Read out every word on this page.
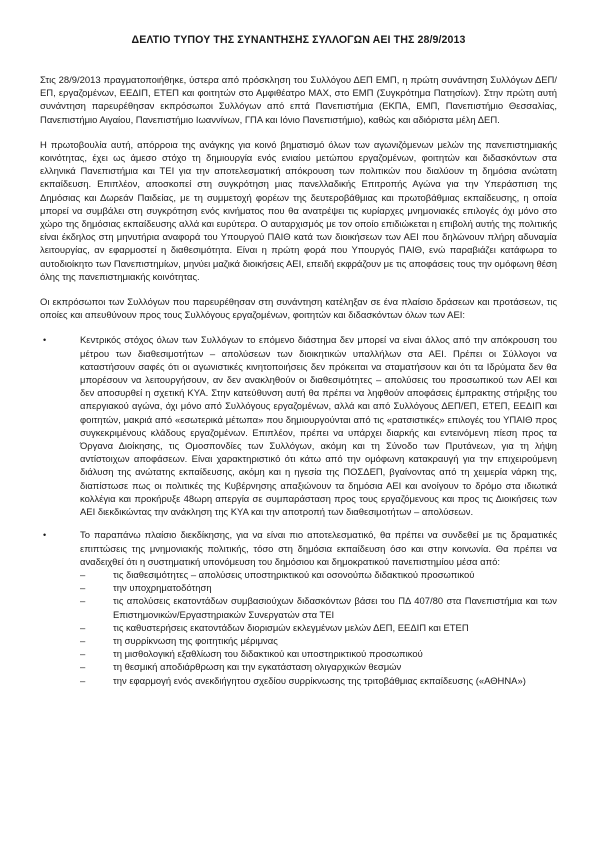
ΔΕΛΤΙΟ ΤΥΠΟΥ ΤΗΣ ΣΥΝΑΝΤΗΣΗΣ ΣΥΛΛΟΓΩΝ ΑΕΙ ΤΗΣ 28/9/2013

Στις 28/9/2013 πραγματοποιήθηκε, ύστερα από πρόσκληση του Συλλόγου ΔΕΠ ΕΜΠ, η πρώτη συνάντηση Συλλόγων ΔΕΠ/ΕΠ, εργαζομένων, ΕΕΔΙΠ, ΕΤΕΠ και φοιτητών στο Αμφιθέατρο ΜΑΧ, στο ΕΜΠ (Συγκρότημα Πατησίων). Στην πρώτη αυτή συνάντηση παρευρέθησαν εκπρόσωποι Συλλόγων από επτά Πανεπιστήμια (ΕΚΠΑ, ΕΜΠ, Πανεπιστήμιο Θεσσαλίας, Πανεπιστήμιο Αιγαίου, Πανεπιστήμιο Ιωαννίνων, ΓΠΑ και Ιόνιο Πανεπιστήμιο), καθώς και αδιόριστα μέλη ΔΕΠ.

Η πρωτοβουλία αυτή, απόρροια της ανάγκης για κοινό βηματισμό όλων των αγωνιζόμενων μελών της πανεπιστημιακής κοινότητας, έχει ως άμεσο στόχο τη δημιουργία ενός ενιαίου μετώπου εργαζομένων, φοιτητών και διδασκόντων στα ελληνικά Πανεπιστήμια και ΤΕΙ για την αποτελεσματική απόκρουση των πολιτικών που διαλύουν τη δημόσια ανώτατη εκπαίδευση. Επιπλέον, αποσκοπεί στη συγκρότηση μιας πανελλαδικής Επιτροπής Αγώνα για την Υπεράσπιση της Δημόσιας και Δωρεάν Παιδείας, με τη συμμετοχή φορέων της δευτεροβάθμιας και πρωτοβάθμιας εκπαίδευσης, η οποία μπορεί να συμβάλει στη συγκρότηση ενός κινήματος που θα ανατρέψει τις κυρίαρχες μνημονιακές επιλογές όχι μόνο στο χώρο της δημόσιας εκπαίδευσης αλλά και ευρύτερα. Ο αυταρχισμός με τον οποίο επιδιώκεται η επιβολή αυτής της πολιτικής είναι έκδηλος στη μηνυτήρια αναφορά του Υπουργού ΠΑΙΘ κατά των διοικήσεων των ΑΕΙ που δηλώνουν πλήρη αδυναμία λειτουργίας, αν εφαρμοστεί η διαθεσιμότητα. Είναι η πρώτη φορά που Υπουργός ΠΑΙΘ, ενώ παραβιάζει κατάφωρα το αυτοδιοίκητο των Πανεπιστημίων, μηνύει μαζικά διοικήσεις ΑΕΙ, επειδή εκφράζουν με τις αποφάσεις τους την ομόφωνη θέση όλης της πανεπιστημιακής κοινότητας.

Οι εκπρόσωποι των Συλλόγων που παρευρέθησαν στη συνάντηση κατέληξαν σε ένα πλαίσιο δράσεων και προτάσεων, τις οποίες και απευθύνουν προς τους Συλλόγους εργαζομένων, φοιτητών και διδασκόντων όλων των ΑΕΙ:

•	Κεντρικός στόχος όλων των Συλλόγων το επόμενο διάστημα δεν μπορεί να είναι άλλος από την απόκρουση του μέτρου των διαθεσιμοτήτων – απολύσεων των διοικητικών υπαλλήλων στα ΑΕΙ. Πρέπει οι Σύλλογοι να καταστήσουν σαφές ότι οι αγωνιστικές κινητοποιήσεις δεν πρόκειται να σταματήσουν και ότι τα Ιδρύματα δεν θα μπορέσουν να λειτουργήσουν, αν δεν ανακληθούν οι διαθεσιμότητες – απολύσεις του προσωπικού των ΑΕΙ και δεν αποσυρθεί η σχετική ΚΥΑ. Στην κατεύθυνση αυτή θα πρέπει να ληφθούν αποφάσεις έμπρακτης στήριξης του απεργιακού αγώνα, όχι μόνο από Συλλόγους εργαζομένων, αλλά και από Συλλόγους ΔΕΠ/ΕΠ, ΕΤΕΠ, ΕΕΔΙΠ και φοιτητών, μακριά από «εσωτερικά μέτωπα» που δημιουργούνται από τις «ρατσιστικές» επιλογές του ΥΠΑΙΘ προς συγκεκριμένους κλάδους εργαζομένων. Επιπλέον, πρέπει να υπάρχει διαρκής και εντεινόμενη πίεση προς τα Όργανα Διοίκησης, τις Ομοσπονδίες των Συλλόγων, ακόμη και τη Σύνοδο των Πρυτάνεων, για τη λήψη αντίστοιχων αποφάσεων. Είναι χαρακτηριστικό ότι κάτω από την ομόφωνη κατακραυγή για την επιχειρούμενη διάλυση της ανώτατης εκπαίδευσης, ακόμη και η ηγεσία της ΠΟΣΔΕΠ, βγαίνοντας από τη χειμερία νάρκη της, διαπίστωσε πως οι πολιτικές της Κυβέρνησης απαξιώνουν τα δημόσια ΑΕΙ και ανοίγουν το δρόμο στα ιδιωτικά κολλέγια και προκήρυξε 48ωρη απεργία σε συμπαράσταση προς τους εργαζόμενους και προς τις Διοικήσεις των ΑΕΙ διεκδικώντας την ανάκληση της ΚΥΑ και την αποτροπή των διαθεσιμοτήτων – απολύσεων.
•	Το παραπάνω πλαίσιο διεκδίκησης, για να είναι πιο αποτελεσματικό, θα πρέπει να συνδεθεί με τις δραματικές επιπτώσεις της μνημονιακής πολιτικής, τόσο στη δημόσια εκπαίδευση όσο και στην κοινωνία. Θα πρέπει να αναδειχθεί ότι η συστηματική υπονόμευση του δημόσιου και δημοκρατικού πανεπιστημίου μέσα από:
–	τις διαθεσιμότητες – απολύσεις υποστηρικτικού και οσονούπω διδακτικού προσωπικού
–	την υποχρηματοδότηση
–	τις απολύσεις εκατοντάδων συμβασιούχων διδασκόντων βάσει του ΠΔ 407/80 στα Πανεπιστήμια και των Επιστημονικών/Εργαστηριακών Συνεργατών στα ΤΕΙ
–	τις καθυστερήσεις εκατοντάδων διορισμών εκλεγμένων μελών ΔΕΠ, ΕΕΔΙΠ και ΕΤΕΠ
–	τη συρρίκνωση της φοιτητικής μέριμνας
–	τη μισθολογική εξαθλίωση του διδακτικού και υποστηρικτικού προσωπικού
–	τη θεσμική αποδιάρθρωση και την εγκατάσταση ολιγαρχικών θεσμών
–	την εφαρμογή ενός ανεκδιήγητου σχεδίου συρρίκνωσης της τριτοβάθμιας εκπαίδευσης («ΑΘΗΝΑ»)
